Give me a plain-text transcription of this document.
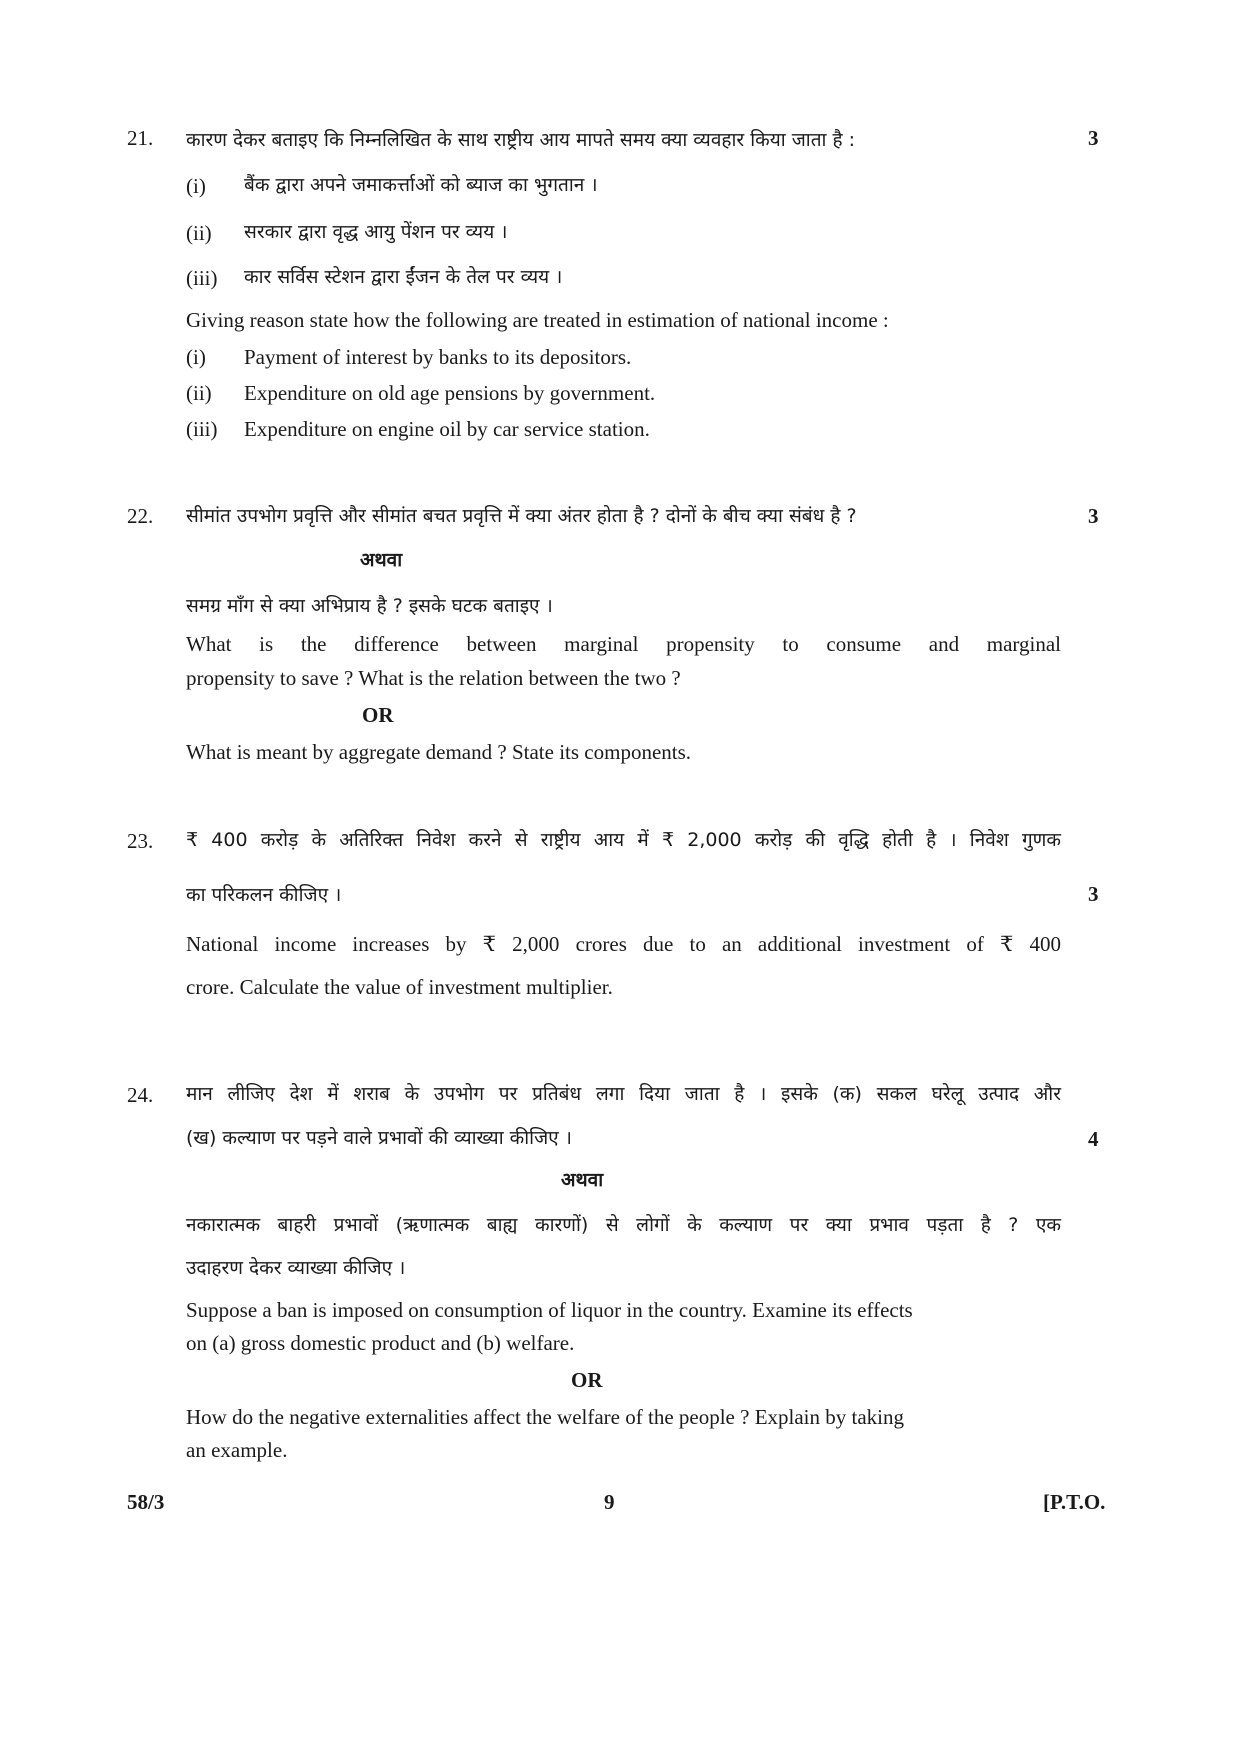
21. कारण देकर बताइए कि निम्नलिखित के साथ राष्ट्रीय आय मापते समय क्या व्यवहार किया जाता है :	3
(i) बैंक द्वारा अपने जमाकर्त्ताओं को ब्याज का भुगतान ।
(ii) सरकार द्वारा वृद्ध आयु पेंशन पर व्यय ।
(iii) कार सर्विस स्टेशन द्वारा ईंजन के तेल पर व्यय ।
Giving reason state how the following are treated in estimation of national income :
(i) Payment of interest by banks to its depositors.
(ii) Expenditure on old age pensions by government.
(iii) Expenditure on engine oil by car service station.
22. सीमांत उपभोग प्रवृत्ति और सीमांत बचत प्रवृत्ति में क्या अंतर होता है ? दोनों के बीच क्या संबंध है ?	3
अथवा
समग्र माँग से क्या अभिप्राय है ? इसके घटक बताइए ।
What is the difference between marginal propensity to consume and marginal
propensity to save ? What is the relation between the two ?
OR
What is meant by aggregate demand ? State its components.
23. ₹ 400 करोड़ के अतिरिक्त निवेश करने से राष्ट्रीय आय में ₹ 2,000 करोड़ की वृद्धि होती है । निवेश गुणक
का परिकलन कीजिए ।	3
National income increases by ₹ 2,000 crores due to an additional investment of ₹ 400
crore. Calculate the value of investment multiplier.
24. मान लीजिए देश में शराब के उपभोग पर प्रतिबंध लगा दिया जाता है । इसके (क) सकल घरेलू उत्पाद और
(ख) कल्याण पर पड़ने वाले प्रभावों की व्याख्या कीजिए ।	4
अथवा
नकारात्मक बाहरी प्रभावों (ऋणात्मक बाह्य कारणों) से लोगों के कल्याण पर क्या प्रभाव पड़ता है ? एक
उदाहरण देकर व्याख्या कीजिए ।
Suppose a ban is imposed on consumption of liquor in the country. Examine its effects
on (a) gross domestic product and (b) welfare.
OR
How do the negative externalities affect the welfare of the people ? Explain by taking
an example.
58/3	9	[P.T.O.
